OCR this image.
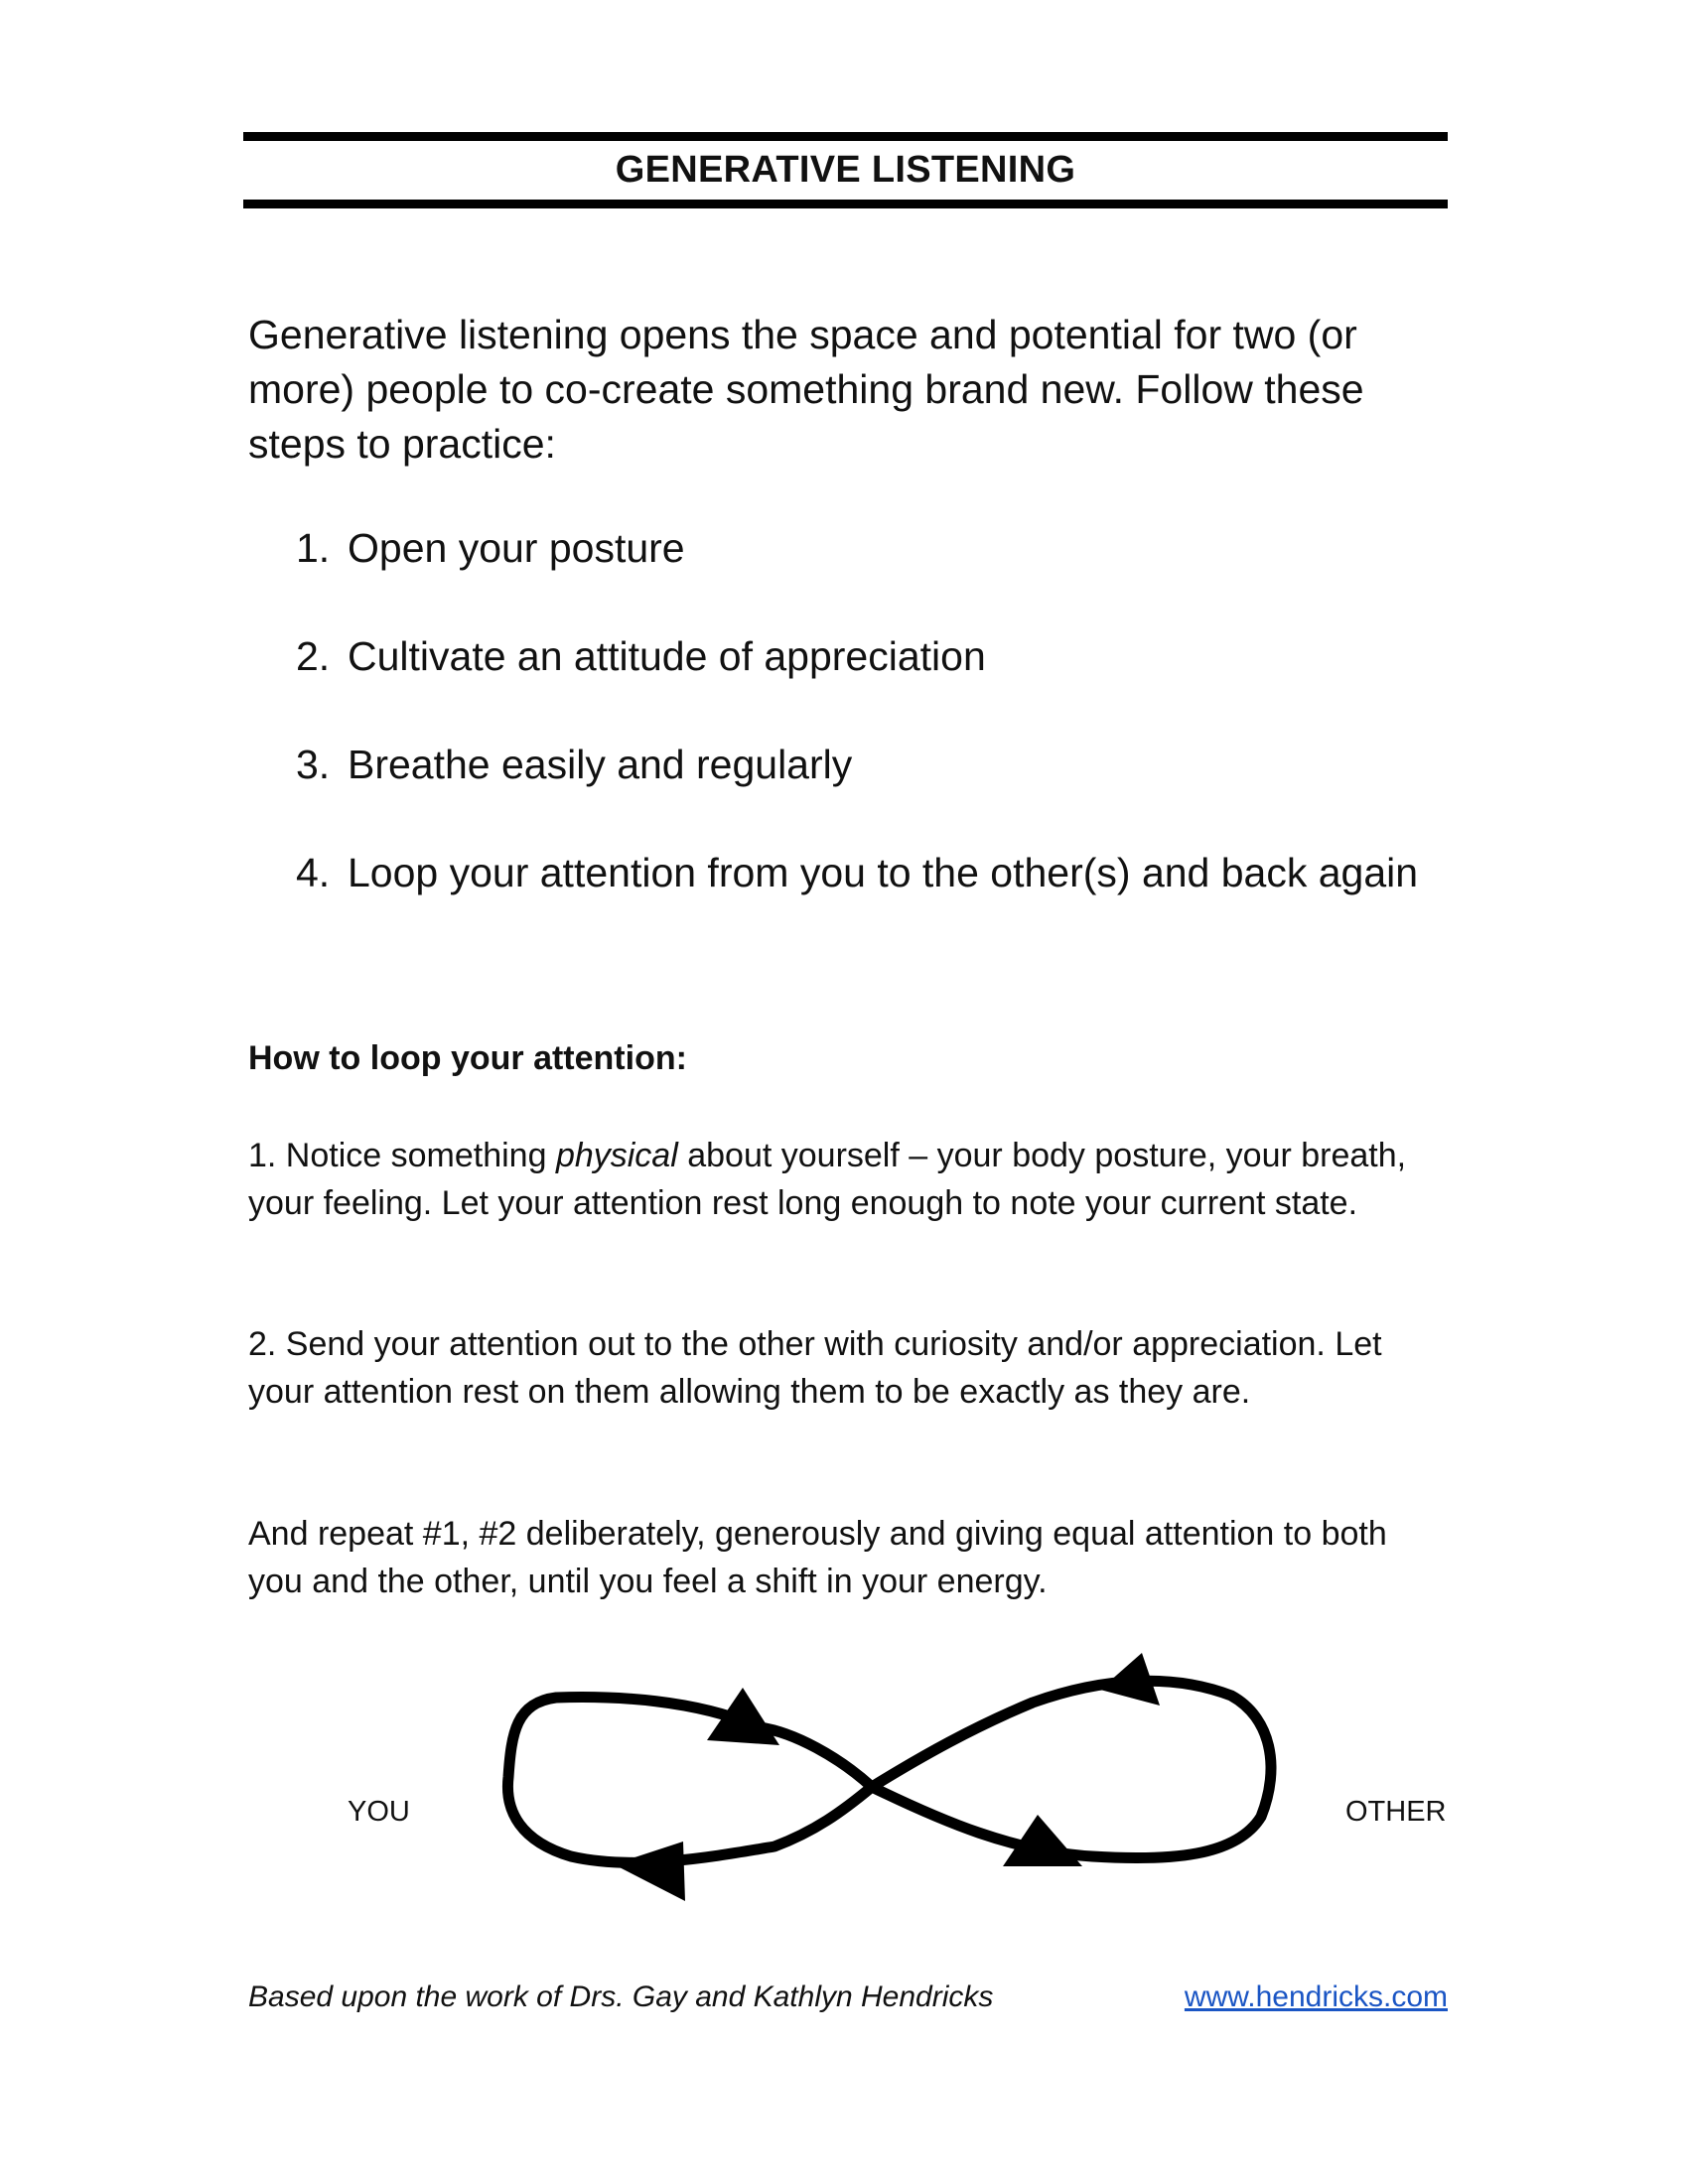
GENERATIVE LISTENING

Generative listening opens the space and potential for two (or more) people to co-create something brand new. Follow these steps to practice:

1. Open your posture
2. Cultivate an attitude of appreciation
3. Breathe easily and regularly
4. Loop your attention from you to the other(s) and back again
How to loop your attention:

1. Notice something physical about yourself – your body posture, your breath, your feeling. Let your attention rest long enough to note your current state.

2. Send your attention out to the other with curiosity and/or appreciation. Let your attention rest on them allowing them to be exactly as they are.

And repeat #1, #2 deliberately, generously and giving equal attention to both you and the other, until you feel a shift in your energy.

YOU	OTHER
Based upon the work of Drs. Gay and Kathlyn Hendricks	www.hendricks.com
